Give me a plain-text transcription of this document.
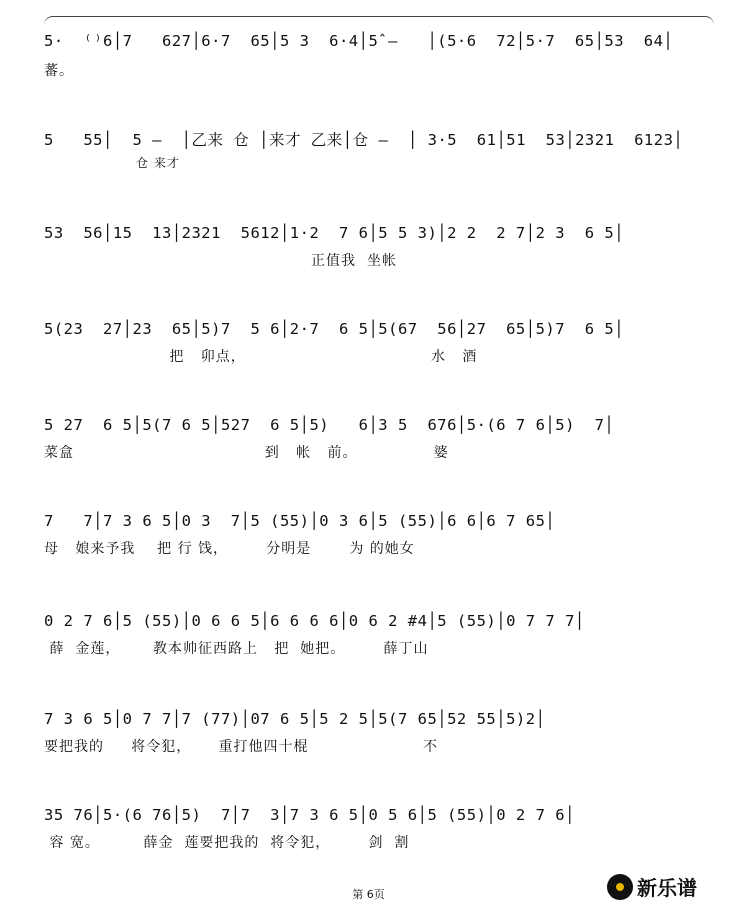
5·  ⁽⁾6│7   627│6·7  65│5 3  6·4│5̂ –   │(5·6  72│5·7  65│53  64│
蕃。
5   55│  5 –  │乙来 仓 │来才 乙来│仓 –  │ 3·5  61│51  53│2321  6123│
仓 来才
53  56│15  13│2321  5612│1·2  7 6│5 5 3)│2 2  2 7│2 3  6 5│
正值我  坐帐
5(23  27│23  65│5)7  5 6│2·7  6 5│5(67  56│27  65│5)7  6 5│
把   卯点，                                  水   酒
5 27  6 5│5(7 6 5│527  6 5│5)   6│3 5  676│5·(6 7 6│5)  7│
菜盒                                   到   帐   前。              婆
7   7│7 3 6 5│0 3  7│5 (55)│0 3 6│5 (55)│6 6│6 7 65│
母   娘来予我    把 行 饯，       分明是       为 的她女
0 2 7 6│5 (55)│0 6 6 5│6 6 6 6│0 6 2 #4│5 (55)│0 7 7 7│
薛  金莲，      教本帅征西路上   把  她把。       薛丁山
7 3 6 5│0 7 7│7 (77)│07 6 5│5 2 5│5(7 65│52 55│5)2│
要把我的     将令犯，     重打他四十棍                     不
35 76│5·(6 76│5)  7│7  3│7 3 6 5│0 5 6│5 (55)│0 2 7 6│
容 宽。        薛金  莲要把我的  将令犯，       剑  割
第 6页	新乐谱
